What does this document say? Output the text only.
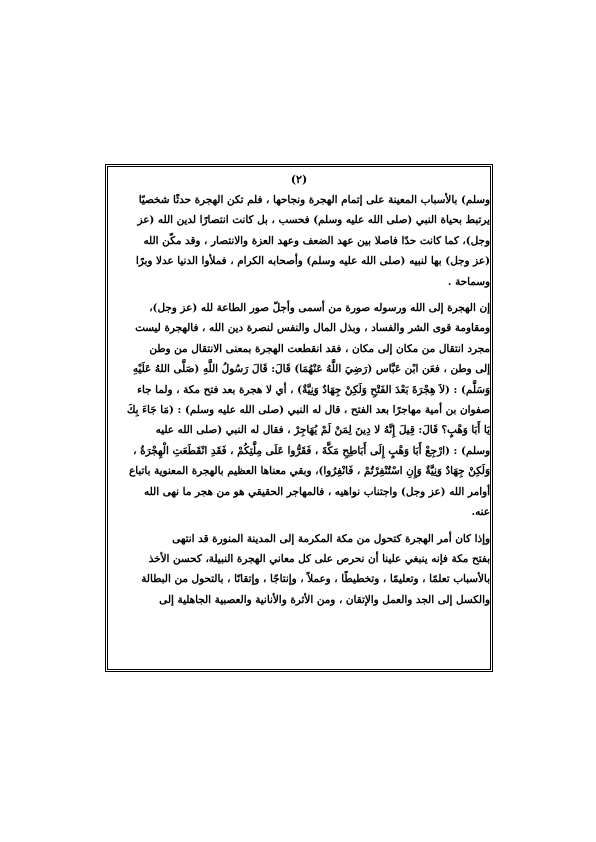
(٢)
وسلم) بالأسباب المعينة على إتمام الهجرة ونجاحها ، فلم تكن الهجرة حدثًا شخصيًا
يرتبط بحياة النبي (صلى الله عليه وسلم) فحسب ، بل كانت انتصارًا لدين الله (عز
وجل)، كما كانت حدًا فاصلا بين عهد الضعف وعهد العزة والانتصار ، وقد مكّن الله
(عز وجل) بها لنبيه (صلى الله عليه وسلم) وأصحابه الكرام ، فملأوا الدنيا عدلا وبرًا
وسماحة .
إن الهجرة إلى الله ورسوله صورة من أسمى وأجلّ صور الطاعة لله (عز وجل)،
ومقاومة قوى الشر والفساد ، وبذل المال والنفس لنصرة دين الله ، فالهجرة ليست
مجرد انتقال من مكان إلى مكان ، فقد انقطعت الهجرة بمعنى الانتقال من وطن
إلى وطن ، فعَن ابْن عَبَّاس (رَضِيَ اللَّهُ عَنْهُمَا) قَالَ: قَالَ رَسُولُ اللَّهِ (صَلَّى اللهُ عَلَيْهِ
وَسَلَّم) : (لاَ هِجْرَةَ بَعْدَ الفَتْحِ وَلَكِنْ جِهَادٌ وَنِيَّةٌ) ، أي لا هجرة بعد فتح مكة ، ولما جاء
صفوان بن أمية مهاجرًا بعد الفتح ، قال له النبي (صلى الله عليه وسلم) : (مَا جَاءَ بِكَ
يَا أَبَا وَهْبٍ؟ قَالَ: قِيلَ إِنَّهُ لا دِينَ لِمَنْ لَمْ يُهَاجِرْ ، فقال له النبي (صلى الله عليه
وسلم) : (ارْجِعْ أَبَا وَهْبٍ إِلَى أَبَاطِحِ مَكَّةَ ، فَقَرُّوا عَلَى مِلَّتِكُمْ ، فَقَدِ انْقَطَعَتِ الْهِجْرَةُ ،
وَلَكِنْ جِهَادٌ وَنِيَّةٌ وَإِنِ اسْتُنْفِرْتُمْ ، فَانْفِرُوا)، وبقي معناها العظيم بالهجرة المعنوية باتباع
أوامر الله (عز وجل) واجتناب نواهيه ، فالمهاجر الحقيقي هو من هجر ما نهى الله
عنه.
وإذا كان أمر الهجرة كتحول من مكة المكرمة إلى المدينة المنورة قد انتهى
بفتح مكة فإنه ينبغي علينا أن نحرص على كل معاني الهجرة النبيلة، كحسن الأخذ
بالأسباب تعلمًا ، وتعليمًا ، وتخطيطًا ، وعملاً ، وإنتاجًا ، وإتقانًا ، بالتحول من البطالة
والكسل إلى الجد والعمل والإتقان ، ومن الأثرة والأنانية والعصبية الجاهلية إلى
